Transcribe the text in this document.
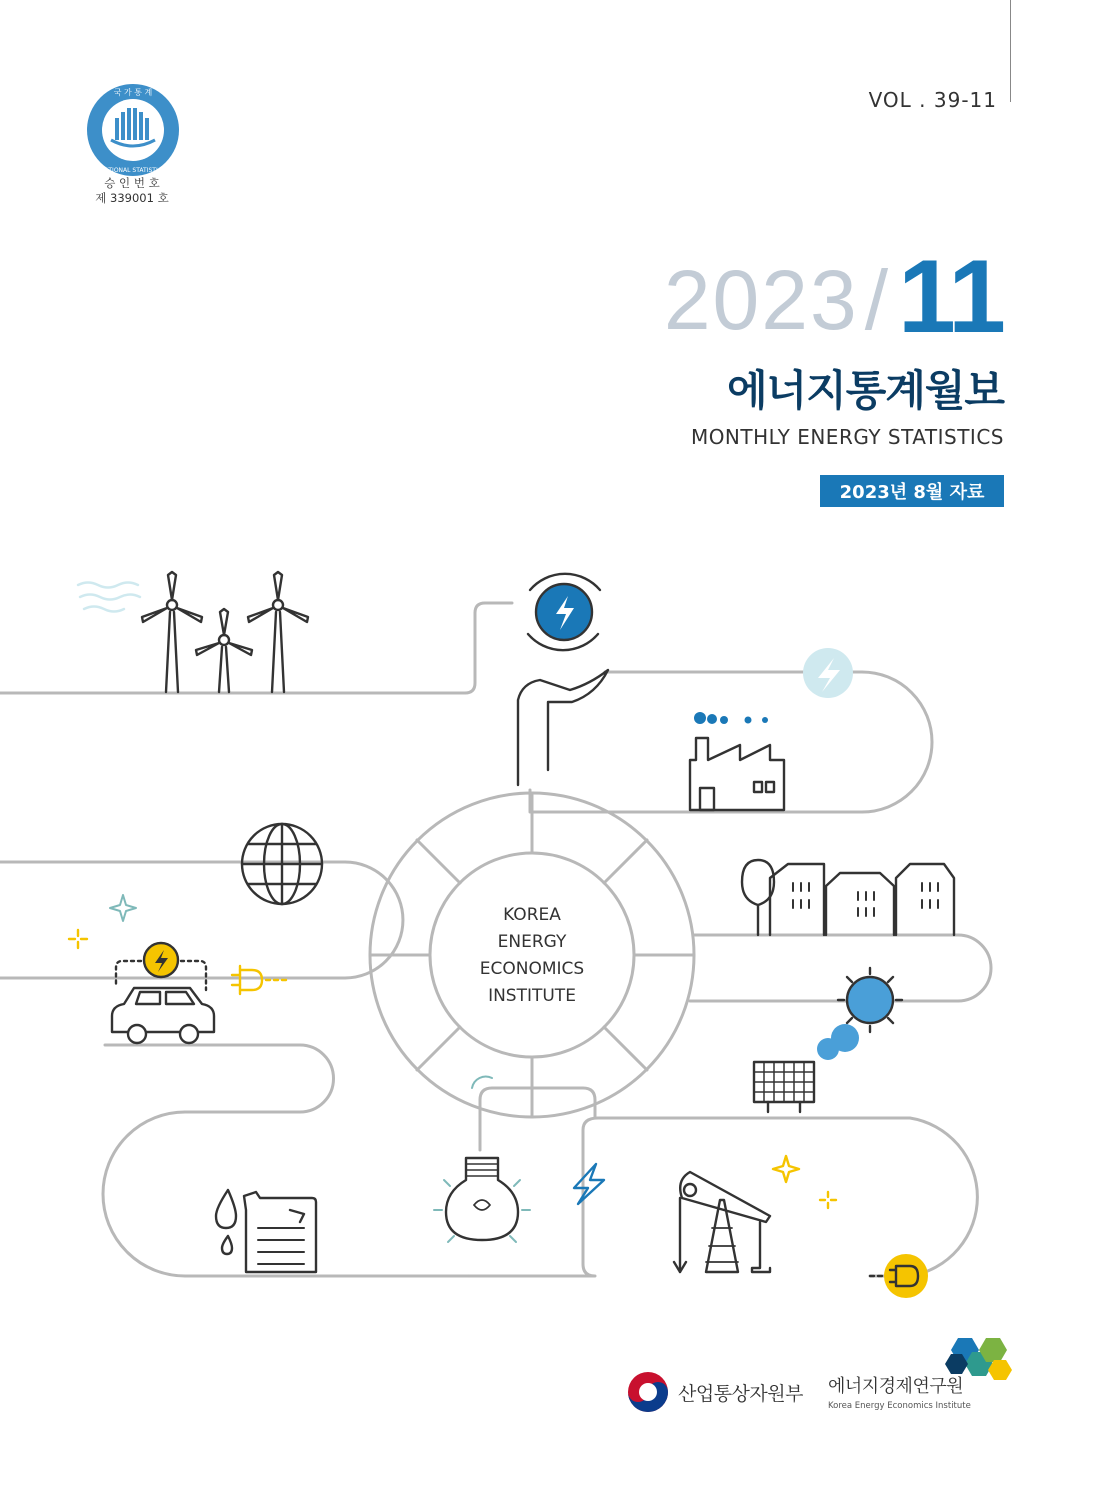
VOL . 39-11
국 가 통 계
NATIONAL STATISTICS
승 인 번 호
제 339001 호
2023 / 11
에너지통계월보
MONTHLY ENERGY STATISTICS
2023년 8월 자료
KOREA
ENERGY
ECONOMICS
INSTITUTE
산업통상자원부 에너지경제연구원
Korea Energy Economics Institute
